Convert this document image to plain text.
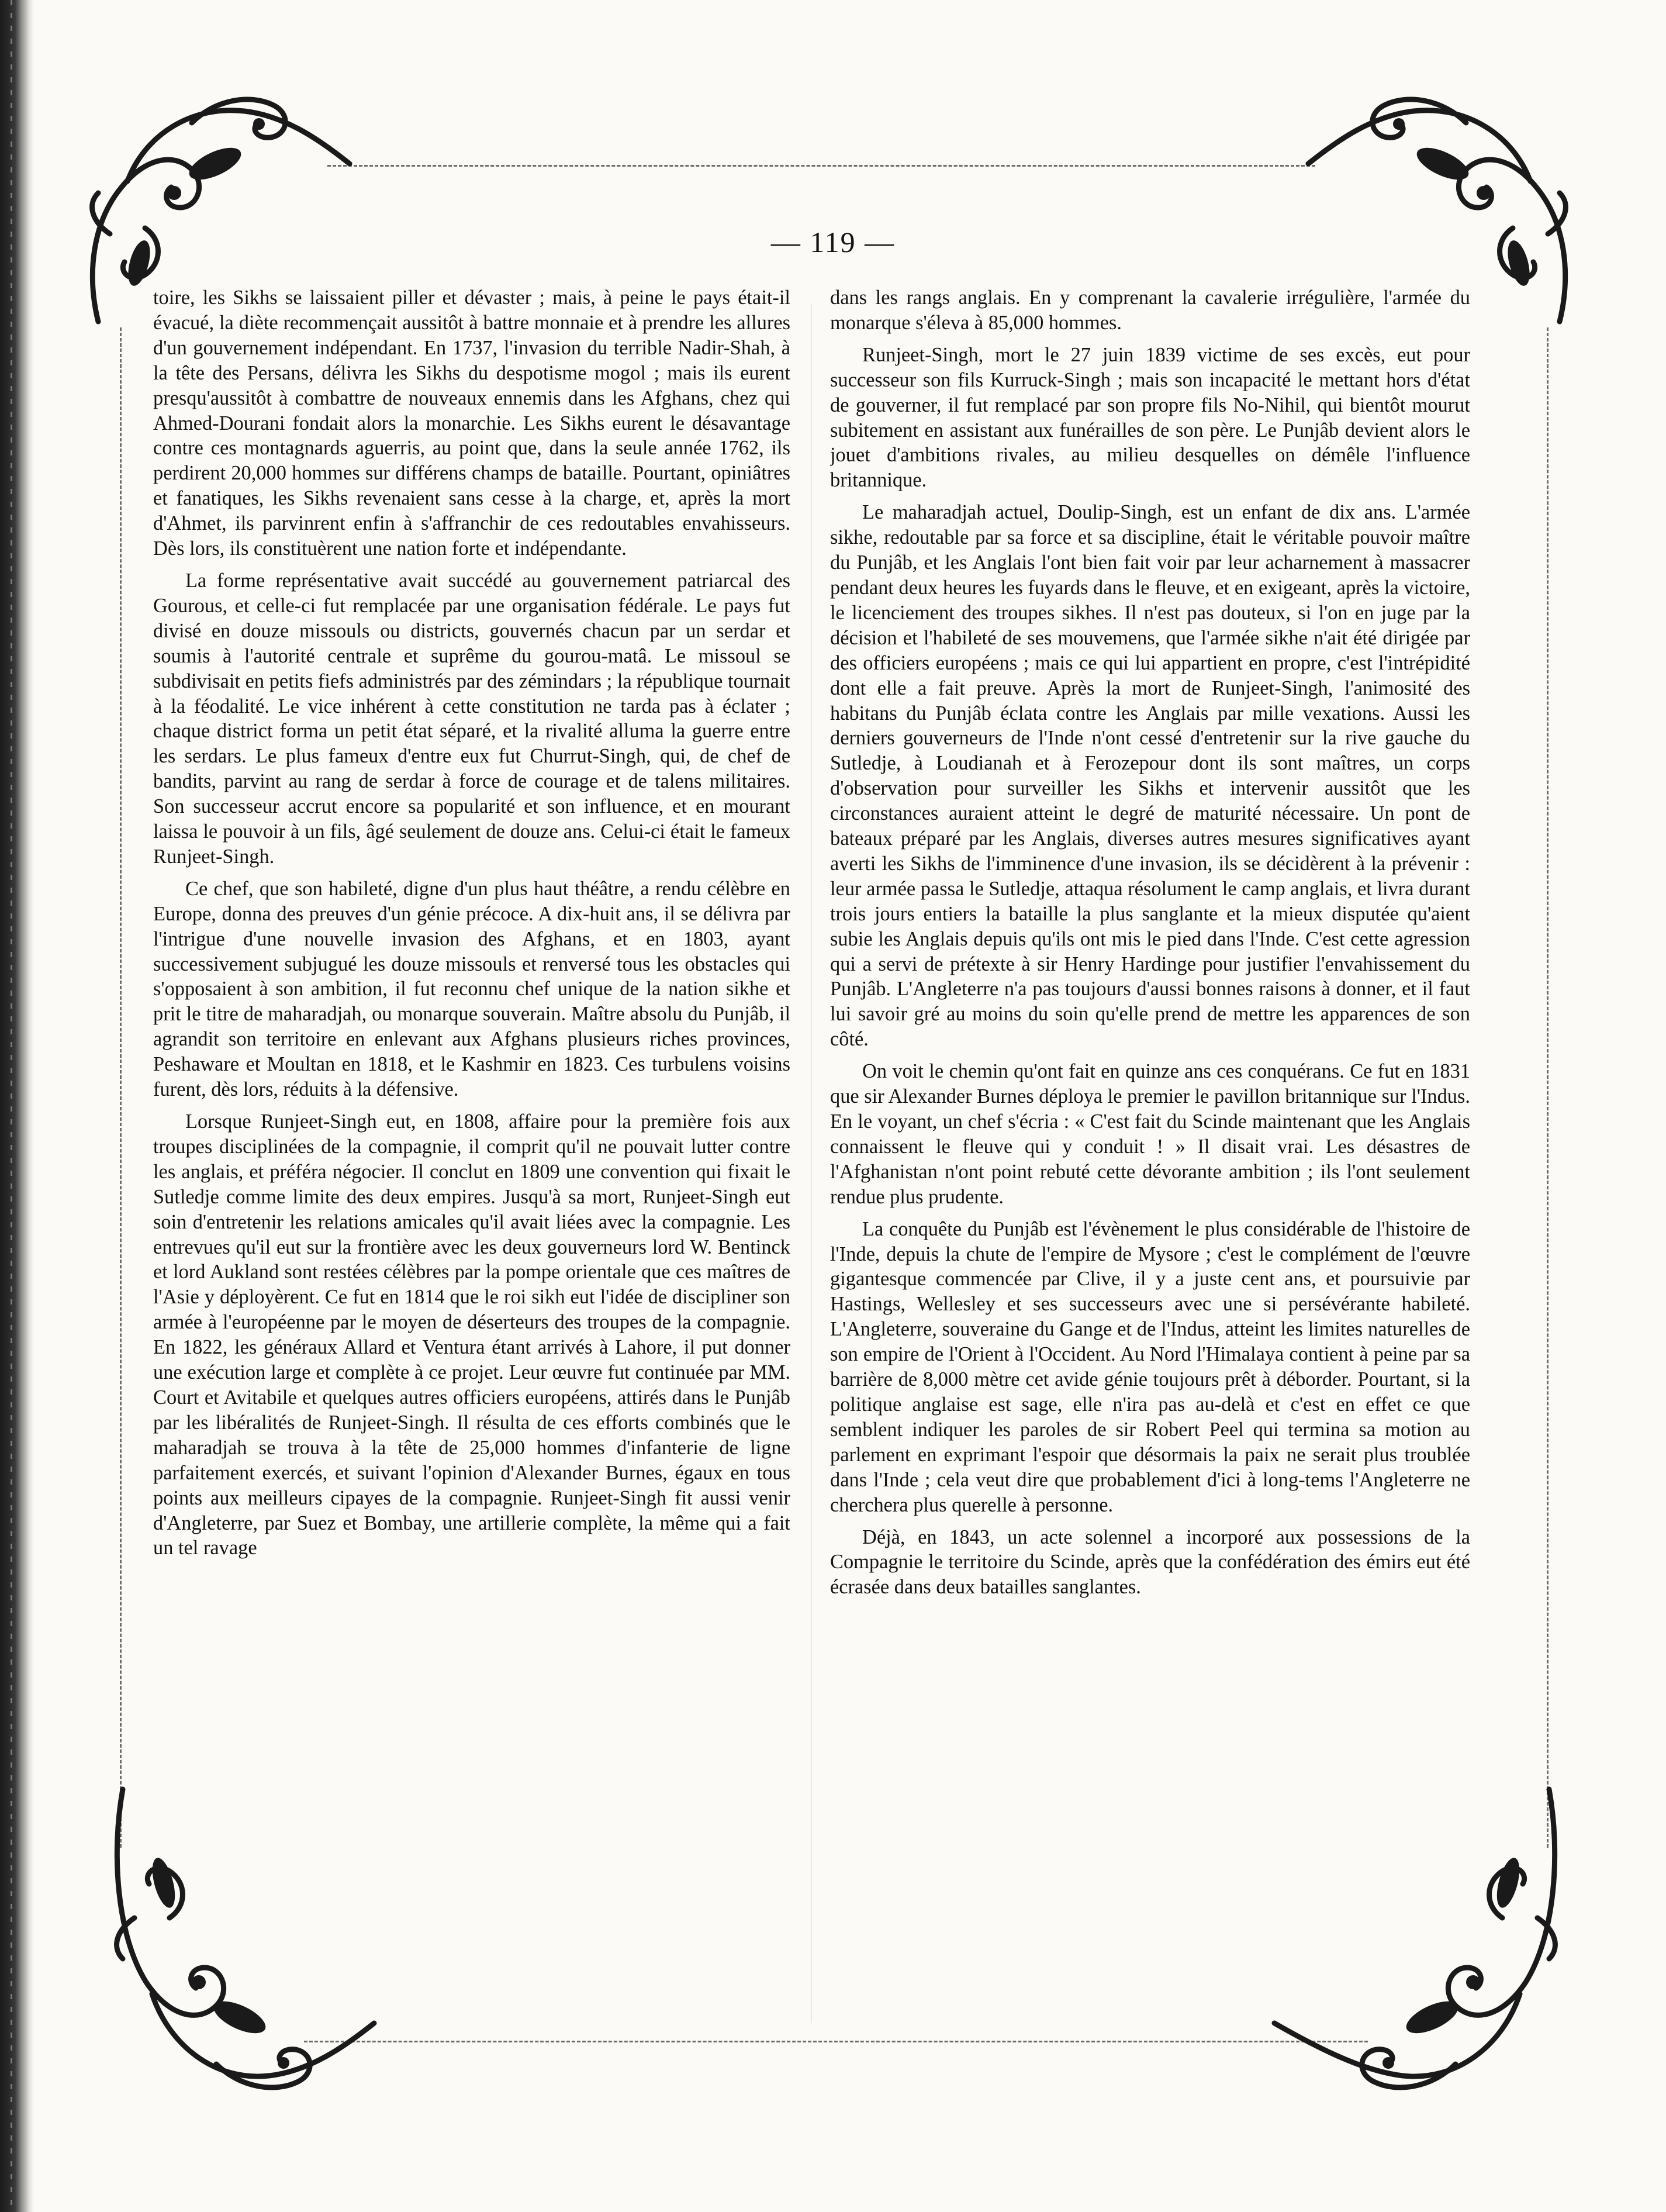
— 119 —

toire, les Sikhs se laissaient piller et dévaster ; mais, à peine le pays était-il évacué, la diète recommençait aussitôt à battre monnaie et à prendre les allures d'un gouvernement indépendant. En 1737, l'invasion du terrible Nadir-Shah, à la tête des Persans, délivra les Sikhs du despotisme mogol ; mais ils eurent presqu'aussitôt à combattre de nouveaux ennemis dans les Afghans, chez qui Ahmed-Dourani fondait alors la monarchie. Les Sikhs eurent le désavantage contre ces montagnards aguerris, au point que, dans la seule année 1762, ils perdirent 20,000 hommes sur différens champs de bataille. Pourtant, opiniâtres et fanatiques, les Sikhs revenaient sans cesse à la charge, et, après la mort d'Ahmet, ils parvinrent enfin à s'affranchir de ces redoutables envahisseurs. Dès lors, ils constituèrent une nation forte et indépendante.

La forme représentative avait succédé au gouvernement patriarcal des Gourous, et celle-ci fut remplacée par une organisation fédérale. Le pays fut divisé en douze missouls ou districts, gouvernés chacun par un serdar et soumis à l'autorité centrale et suprême du gourou-matâ. Le missoul se subdivisait en petits fiefs administrés par des zémindars ; la république tournait à la féodalité. Le vice inhérent à cette constitution ne tarda pas à éclater ; chaque district forma un petit état séparé, et la rivalité alluma la guerre entre les serdars. Le plus fameux d'entre eux fut Churrut-Singh, qui, de chef de bandits, parvint au rang de serdar à force de courage et de talens militaires. Son successeur accrut encore sa popularité et son influence, et en mourant laissa le pouvoir à un fils, âgé seulement de douze ans. Celui-ci était le fameux Runjeet-Singh.

Ce chef, que son habileté, digne d'un plus haut théâtre, a rendu célèbre en Europe, donna des preuves d'un génie précoce. A dix-huit ans, il se délivra par l'intrigue d'une nouvelle invasion des Afghans, et en 1803, ayant successivement subjugué les douze missouls et renversé tous les obstacles qui s'opposaient à son ambition, il fut reconnu chef unique de la nation sikhe et prit le titre de maharadjah, ou monarque souverain. Maître absolu du Punjâb, il agrandit son territoire en enlevant aux Afghans plusieurs riches provinces, Peshaware et Moultan en 1818, et le Kashmir en 1823. Ces turbulens voisins furent, dès lors, réduits à la défensive.

Lorsque Runjeet-Singh eut, en 1808, affaire pour la première fois aux troupes disciplinées de la compagnie, il comprit qu'il ne pouvait lutter contre les anglais, et préféra négocier. Il conclut en 1809 une convention qui fixait le Sutledje comme limite des deux empires. Jusqu'à sa mort, Runjeet-Singh eut soin d'entretenir les relations amicales qu'il avait liées avec la compagnie. Les entrevues qu'il eut sur la frontière avec les deux gouverneurs lord W. Bentinck et lord Aukland sont restées célèbres par la pompe orientale que ces maîtres de l'Asie y déployèrent. Ce fut en 1814 que le roi sikh eut l'idée de discipliner son armée à l'européenne par le moyen de déserteurs des troupes de la compagnie. En 1822, les généraux Allard et Ventura étant arrivés à Lahore, il put donner une exécution large et complète à ce projet. Leur œuvre fut continuée par MM. Court et Avitabile et quelques autres officiers européens, attirés dans le Punjâb par les libéralités de Runjeet-Singh. Il résulta de ces efforts combinés que le maharadjah se trouva à la tête de 25,000 hommes d'infanterie de ligne parfaitement exercés, et suivant l'opinion d'Alexander Burnes, égaux en tous points aux meilleurs cipayes de la compagnie. Runjeet-Singh fit aussi venir d'Angleterre, par Suez et Bombay, une artillerie complète, la même qui a fait un tel ravage

dans les rangs anglais. En y comprenant la cavalerie irrégulière, l'armée du monarque s'éleva à 85,000 hommes.

Runjeet-Singh, mort le 27 juin 1839 victime de ses excès, eut pour successeur son fils Kurruck-Singh ; mais son incapacité le mettant hors d'état de gouverner, il fut remplacé par son propre fils No-Nihil, qui bientôt mourut subitement en assistant aux funérailles de son père. Le Punjâb devient alors le jouet d'ambitions rivales, au milieu desquelles on démêle l'influence britannique.

Le maharadjah actuel, Doulip-Singh, est un enfant de dix ans. L'armée sikhe, redoutable par sa force et sa discipline, était le véritable pouvoir maître du Punjâb, et les Anglais l'ont bien fait voir par leur acharnement à massacrer pendant deux heures les fuyards dans le fleuve, et en exigeant, après la victoire, le licenciement des troupes sikhes. Il n'est pas douteux, si l'on en juge par la décision et l'habileté de ses mouvemens, que l'armée sikhe n'ait été dirigée par des officiers européens ; mais ce qui lui appartient en propre, c'est l'intrépidité dont elle a fait preuve. Après la mort de Runjeet-Singh, l'animosité des habitans du Punjâb éclata contre les Anglais par mille vexations. Aussi les derniers gouverneurs de l'Inde n'ont cessé d'entretenir sur la rive gauche du Sutledje, à Loudianah et à Ferozepour dont ils sont maîtres, un corps d'observation pour surveiller les Sikhs et intervenir aussitôt que les circonstances auraient atteint le degré de maturité nécessaire. Un pont de bateaux préparé par les Anglais, diverses autres mesures significatives ayant averti les Sikhs de l'imminence d'une invasion, ils se décidèrent à la prévenir : leur armée passa le Sutledje, attaqua résolument le camp anglais, et livra durant trois jours entiers la bataille la plus sanglante et la mieux disputée qu'aient subie les Anglais depuis qu'ils ont mis le pied dans l'Inde. C'est cette agression qui a servi de prétexte à sir Henry Hardinge pour justifier l'envahissement du Punjâb. L'Angleterre n'a pas toujours d'aussi bonnes raisons à donner, et il faut lui savoir gré au moins du soin qu'elle prend de mettre les apparences de son côté.

On voit le chemin qu'ont fait en quinze ans ces conquérans. Ce fut en 1831 que sir Alexander Burnes déploya le premier le pavillon britannique sur l'Indus. En le voyant, un chef s'écria : « C'est fait du Scinde maintenant que les Anglais connaissent le fleuve qui y conduit ! » Il disait vrai. Les désastres de l'Afghanistan n'ont point rebuté cette dévorante ambition ; ils l'ont seulement rendue plus prudente.

La conquête du Punjâb est l'évènement le plus considérable de l'histoire de l'Inde, depuis la chute de l'empire de Mysore ; c'est le complément de l'œuvre gigantesque commencée par Clive, il y a juste cent ans, et poursuivie par Hastings, Wellesley et ses successeurs avec une si persévérante habileté. L'Angleterre, souveraine du Gange et de l'Indus, atteint les limites naturelles de son empire de l'Orient à l'Occident. Au Nord l'Himalaya contient à peine par sa barrière de 8,000 mètre cet avide génie toujours prêt à déborder. Pourtant, si la politique anglaise est sage, elle n'ira pas au-delà et c'est en effet ce que semblent indiquer les paroles de sir Robert Peel qui termina sa motion au parlement en exprimant l'espoir que désormais la paix ne serait plus troublée dans l'Inde ; cela veut dire que probablement d'ici à long-tems l'Angleterre ne cherchera plus querelle à personne.

Déjà, en 1843, un acte solennel a incorporé aux possessions de la Compagnie le territoire du Scinde, après que la confédération des émirs eut été écrasée dans deux batailles sanglantes.
